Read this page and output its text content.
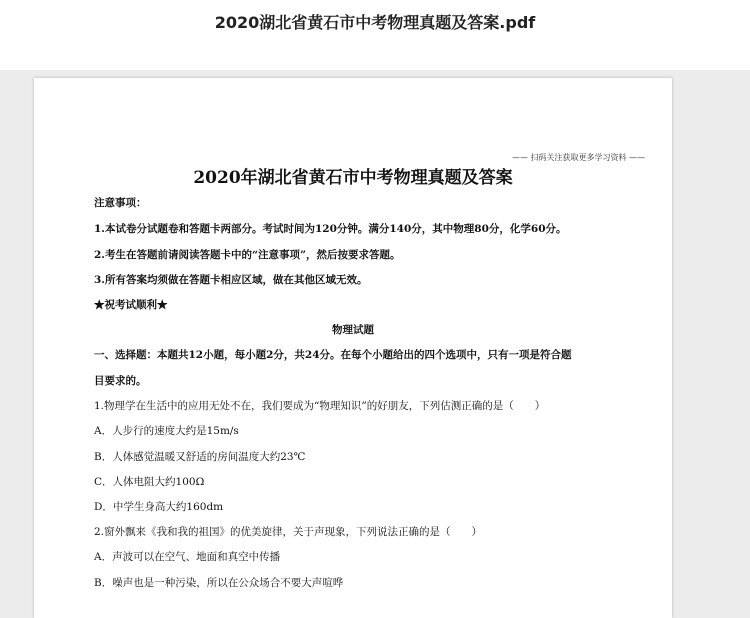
2020湖北省黄石市中考物理真题及答案.pdf
—— 扫码关注获取更多学习资料 ——
2020年湖北省黄石市中考物理真题及答案
注意事项：
1.本试卷分试题卷和答题卡两部分。考试时间为120分钟。满分140分，其中物理80分，化学60分。
2.考生在答题前请阅读答题卡中的“注意事项”，然后按要求答题。
3.所有答案均须做在答题卡相应区域，做在其他区域无效。
★祝考试顺利★
物理试题
一、选择题：本题共12小题，每小题2分，共24分。在每个小题给出的四个选项中，只有一项是符合题
目要求的。
1.物理学在生活中的应用无处不在，我们要成为“物理知识”的好朋友，下列估测正确的是（　　）
A．人步行的速度大约是15m/s
B．人体感觉温暖又舒适的房间温度大约23℃
C．人体电阻大约100Ω
D．中学生身高大约160dm
2.窗外飘来《我和我的祖国》的优美旋律，关于声现象，下列说法正确的是（　　）
A．声波可以在空气、地面和真空中传播
B．噪声也是一种污染，所以在公众场合不要大声喧哗
